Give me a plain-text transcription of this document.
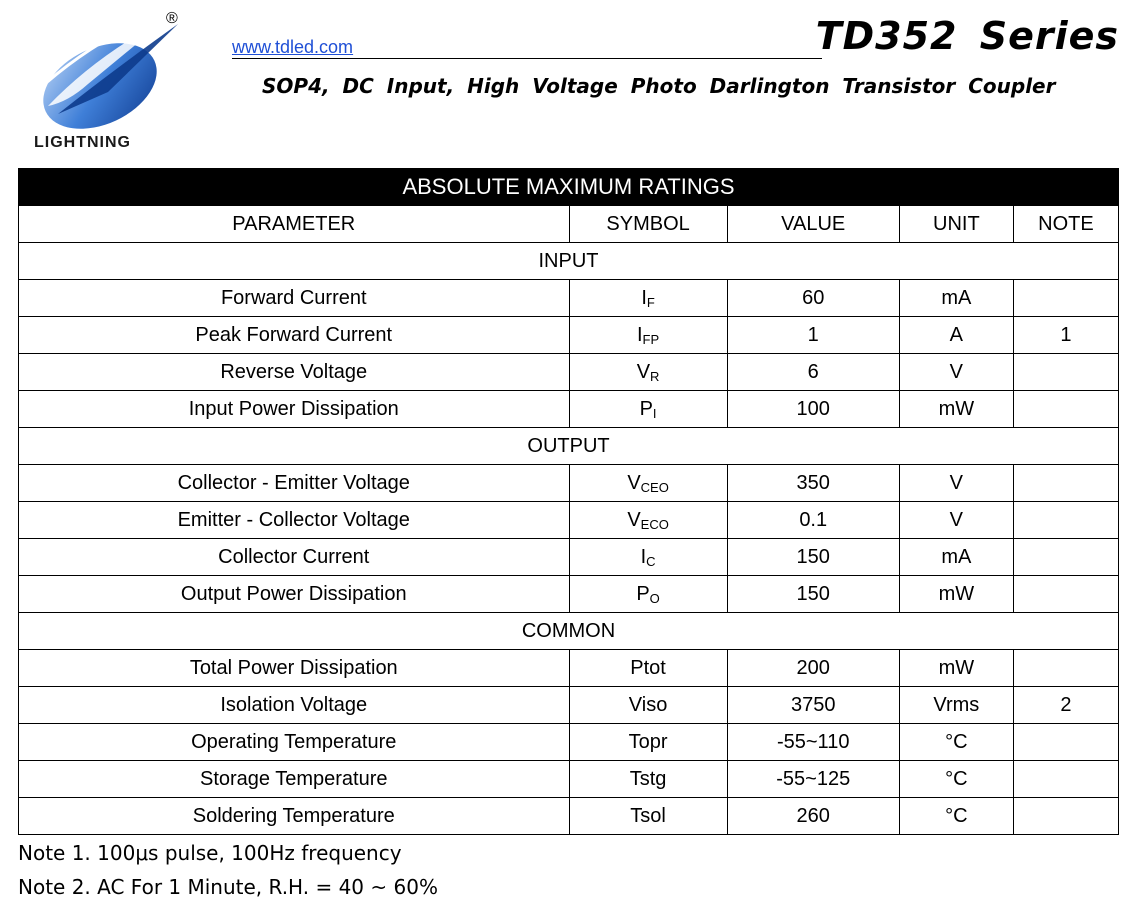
®
LIGHTNING
www.tdled.com	TD352 Series
SOP4, DC Input, High Voltage Photo Darlington Transistor Coupler
ABSOLUTE MAXIMUM RATINGS				
PARAMETER	SYMBOL	VALUE	UNIT	NOTE
INPUT				
Forward Current	$I_F$	60	mA	
Peak Forward Current	$I_{FP}$	1	A	1
Reverse Voltage	$V_R$	6	V	
Input Power Dissipation	$P_I$	100	mW	
OUTPUT				
Collector - Emitter Voltage	$V_{CEO}$	350	V	
Emitter - Collector Voltage	$V_{ECO}$	0.1	V	
Collector Current	$I_C$	150	mA	
Output Power Dissipation	$P_O$	150	mW	
COMMON				
Total Power Dissipation	Ptot	200	mW	
Isolation Voltage	Viso	3750	Vrms	2
Operating Temperature	Topr	-55~110	°C	
Storage Temperature	Tstg	-55~125	°C	
Soldering Temperature	Tsol	260	°C	
Note 1. 100μs pulse, 100Hz frequency
Note 2. AC For 1 Minute, R.H. = 40 ~ 60%
